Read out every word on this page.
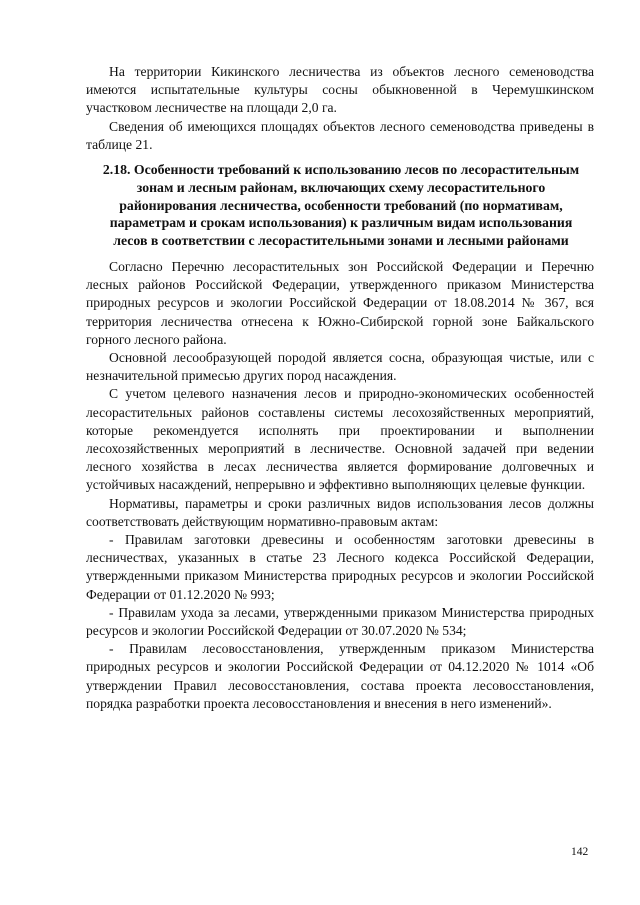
На территории Кикинского лесничества из объектов лесного семеноводства имеются испытательные культуры сосны обыкновенной в Черемушкинском участковом лесничестве на площади 2,0 га.

Сведения об имеющихся площадях объектов лесного семеноводства приведены в таблице 21.

2.18. Особенности требований к использованию лесов по лесорастительным зонам и лесным районам, включающих схему лесорастительного районирования лесничества, особенности требований (по нормативам, параметрам и срокам использования) к различным видам использования лесов в соответствии с лесорастительными зонами и лесными районами

Согласно Перечню лесорастительных зон Российской Федерации и Перечню лесных районов Российской Федерации, утвержденного приказом Министерства природных ресурсов и экологии Российской Федерации от 18.08.2014 № 367, вся территория лесничества отнесена к Южно-Сибирской горной зоне Байкальского горного лесного района.

Основной лесообразующей породой является сосна, образующая чистые, или с незначительной примесью других пород насаждения.

С учетом целевого назначения лесов и природно-экономических особенностей лесорастительных районов составлены системы лесохозяйственных мероприятий, которые рекомендуется исполнять при проектировании и выполнении лесохозяйственных мероприятий в лесничестве. Основной задачей при ведении лесного хозяйства в лесах лесничества является формирование долговечных и устойчивых насаждений, непрерывно и эффективно выполняющих целевые функции.

Нормативы, параметры и сроки различных видов использования лесов должны соответствовать действующим нормативно-правовым актам:

- Правилам заготовки древесины и особенностям заготовки древесины в лесничествах, указанных в статье 23 Лесного кодекса Российской Федерации, утвержденными приказом Министерства природных ресурсов и экологии Российской Федерации от 01.12.2020 № 993;

- Правилам ухода за лесами, утвержденными приказом Министерства природных ресурсов и экологии Российской Федерации от 30.07.2020 № 534;

- Правилам лесовосстановления, утвержденным приказом Министерства природных ресурсов и экологии Российской Федерации от 04.12.2020 № 1014 «Об утверждении Правил лесовосстановления, состава проекта лесовосстановления, порядка разработки проекта лесовосстановления и внесения в него изменений».

142
